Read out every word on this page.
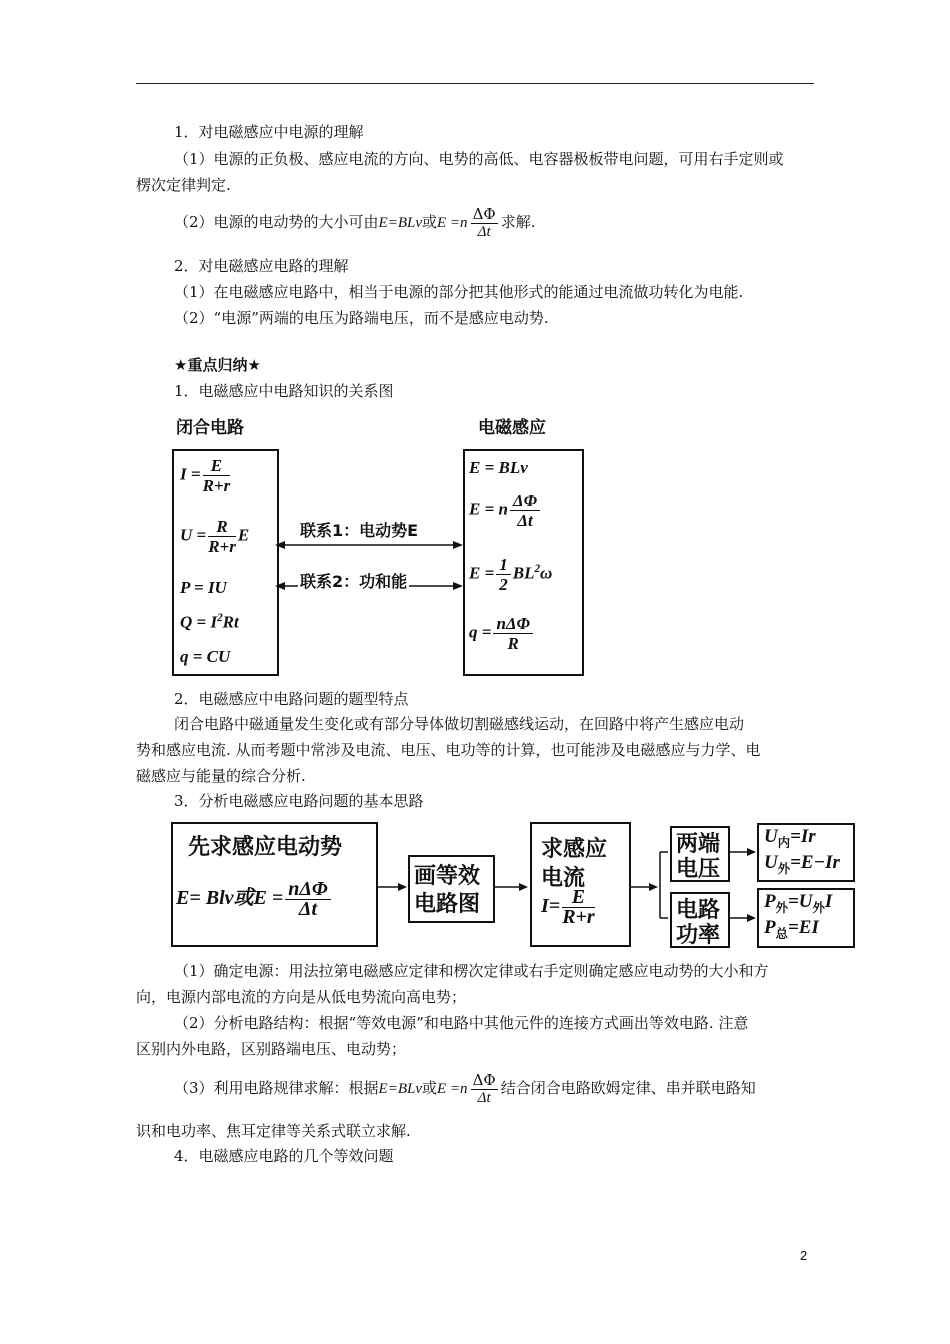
1．对电磁感应中电源的理解
（1）电源的正负极、感应电流的方向、电势的高低、电容器极板带电问题，可用右手定则或
楞次定律判定.
（2）电源的电动势的大小可由E=BLv或$E =n \frac{\Delta\Phi}{\Delta t}$ 求解.
2．对电磁感应电路的理解
（1）在电磁感应电路中，相当于电源的部分把其他形式的能通过电流做功转化为电能.
（2）“电源”两端的电压为路端电压，而不是感应电动势.
★重点归纳★
1．电磁感应中电路知识的关系图
闭合电路	电磁感应
$I = \frac{E}{R+r}$
$U = \frac{R}{R+r}$ E
P = IU
$Q = I^2Rt$
q = CU
E = BLv
E = n $\frac{\Delta\Phi}{\Delta t}$
$E = \frac{1}{2} BL^2\omega$
$q = \frac{\text{nΔΦ}}{R}$
联系1：电动势E
联系2：功和能
2．电磁感应中电路问题的题型特点
闭合电路中磁通量发生变化或有部分导体做切割磁感线运动，在回路中将产生感应电动
势和感应电流. 从而考题中常涉及电流、电压、电功等的计算，也可能涉及电磁感应与力学、电
磁感应与能量的综合分析.
3．分析电磁感应电路问题的基本思路
先求感应电动势
E= Blv或$E = \frac{\text{nΔΦ}}{\Delta t}$
画等效
电路图
求感应
电流
$I= \frac{E}{R+r}$
两端
电压
电路
功率
$U_内=Ir$
$U_外=E-Ir$
$P_外=U_外I$
$P_总=EI$
（1）确定电源：用法拉第电磁感应定律和楞次定律或右手定则确定感应电动势的大小和方
向，电源内部电流的方向是从低电势流向高电势；
（2）分析电路结构：根据“等效电源”和电路中其他元件的连接方式画出等效电路. 注意
区别内外电路，区别路端电压、电动势；
（3）利用电路规律求解：根据E=BLv或$E =n \frac{\Delta\Phi}{\Delta t}$ 结合闭合电路欧姆定律、串并联电路知
识和电功率、焦耳定律等关系式联立求解.
4．电磁感应电路的几个等效问题
2
